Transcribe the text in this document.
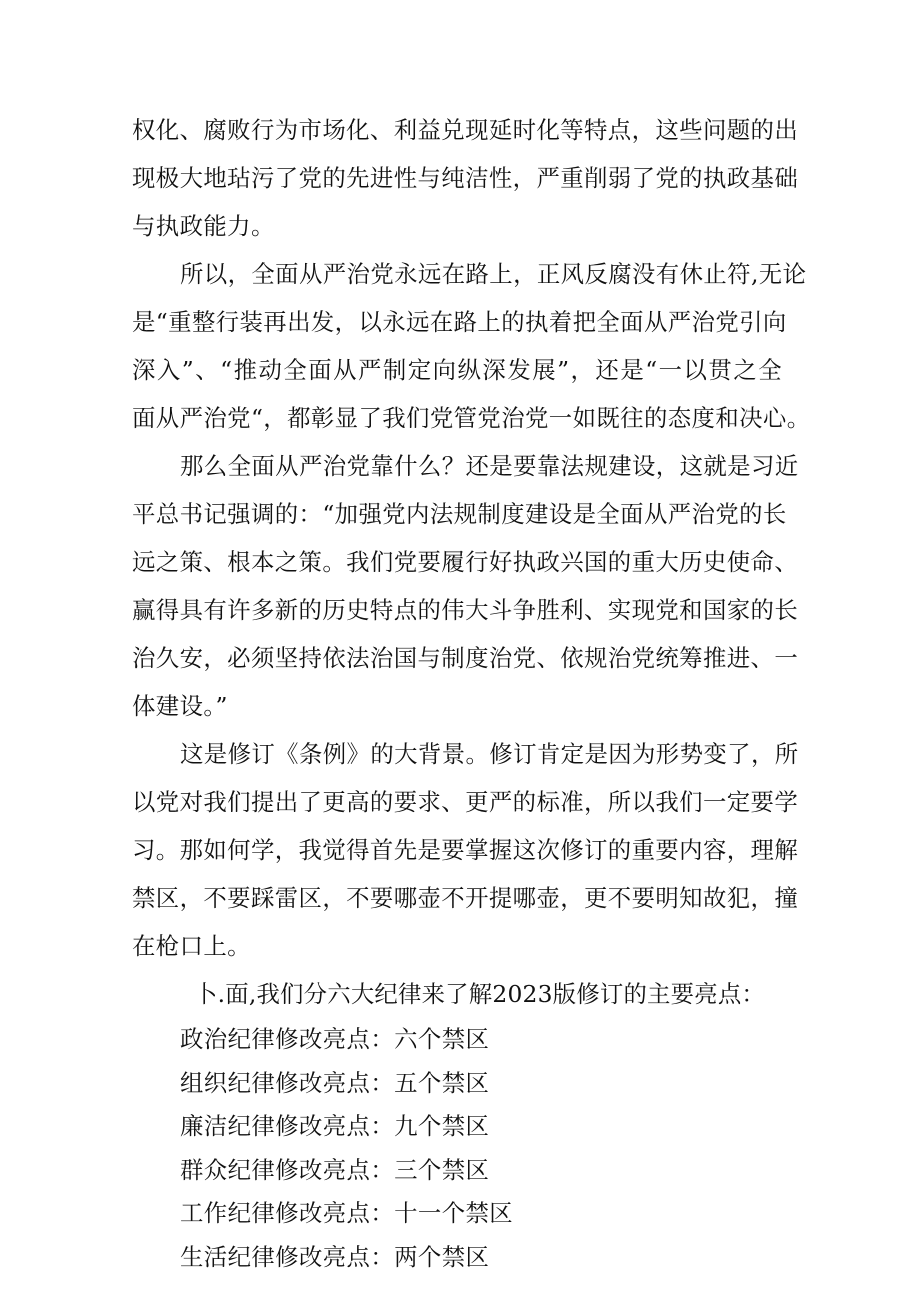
权化、腐败行为市场化、利益兑现延时化等特点，这些问题的出
现极大地玷污了党的先进性与纯洁性，严重削弱了党的执政基础
与执政能力。
所以，全面从严治党永远在路上，正风反腐没有休止符,无论
是“重整行装再出发，以永远在路上的执着把全面从严治党引向
深入”、“推动全面从严制定向纵深发展”，还是“一以贯之全
面从严治党“，都彰显了我们党管党治党一如既往的态度和决心。
那么全面从严治党靠什么？还是要靠法规建设，这就是习近
平总书记强调的：“加强党内法规制度建设是全面从严治党的长
远之策、根本之策。我们党要履行好执政兴国的重大历史使命、
赢得具有许多新的历史特点的伟大斗争胜利、实现党和国家的长
治久安，必须坚持依法治国与制度治党、依规治党统筹推进、一
体建设。”
这是修订《条例》的大背景。修订肯定是因为形势变了，所
以党对我们提出了更高的要求、更严的标准，所以我们一定要学
习。那如何学，我觉得首先是要掌握这次修订的重要内容，理解
禁区，不要踩雷区，不要哪壶不开提哪壶，更不要明知故犯，撞
在枪口上。
卜.面,我们分六大纪律来了解2023版修订的主要亮点：
政治纪律修改亮点：六个禁区
组织纪律修改亮点：五个禁区
廉洁纪律修改亮点：九个禁区
群众纪律修改亮点：三个禁区
工作纪律修改亮点：十一个禁区
生活纪律修改亮点：两个禁区
